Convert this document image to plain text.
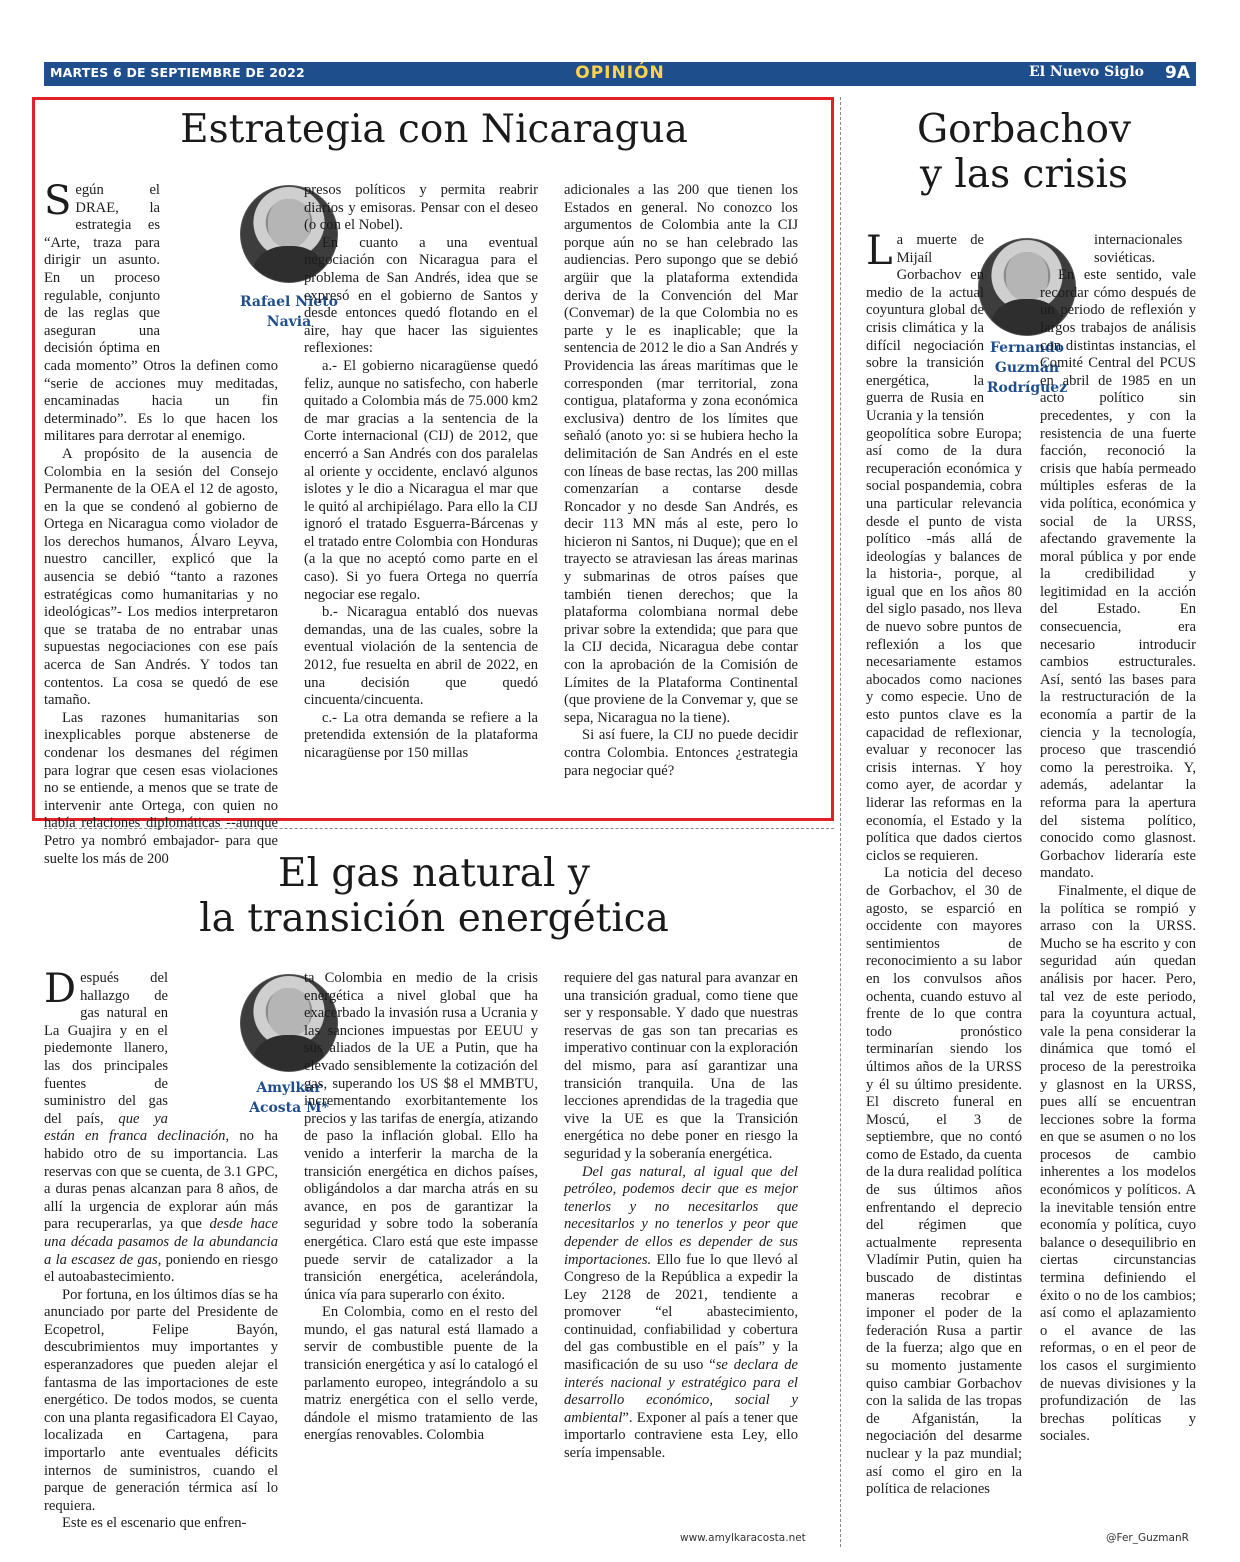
MARTES 6 DE SEPTIEMBRE DE 2022	OPINIÓN	El Nuevo Siglo 9A
Estrategia con Nicaragua
Rafael Nieto
Navia

Según el DRAE, la estrategia es “Arte, traza para dirigir un asunto. En un proceso regulable, conjunto de las reglas que aseguran una decisión óptima en cada momento” Otros la definen como “serie de acciones muy meditadas, encaminadas hacia un fin determinado”. Es lo que hacen los militares para derrotar al enemigo.

A propósito de la ausencia de Colombia en la sesión del Consejo Permanente de la OEA el 12 de agosto, en la que se condenó al gobierno de Ortega en Nicaragua como violador de los derechos humanos, Álvaro Leyva, nuestro canciller, explicó que la ausencia se debió “tanto a razones estratégicas como humanitarias y no ideológicas”- Los medios interpretaron que se trataba de no entrabar unas supuestas negociaciones con ese país acerca de San Andrés. Y todos tan contentos. La cosa se quedó de ese tamaño.

Las razones humanitarias son inexplicables porque abstenerse de condenar los desmanes del régimen para lograr que cesen esas violaciones no se entiende, a menos que se trate de intervenir ante Ortega, con quien no había relaciones diplomáticas --aunque Petro ya nombró embajador- para que suelte los más de 200

presos políticos y permita reabrir diarios y emisoras. Pensar con el deseo (o con el Nobel).

En cuanto a una eventual negociación con Nicaragua para el problema de San Andrés, idea que se expresó en el gobierno de Santos y desde entonces quedó flotando en el aire, hay que hacer las siguientes reflexiones:

a.- El gobierno nicaragüense quedó feliz, aunque no satisfecho, con haberle quitado a Colombia más de 75.000 km2 de mar gracias a la sentencia de la Corte internacional (CIJ) de 2012, que encerró a San Andrés con dos paralelas al oriente y occidente, enclavó algunos islotes y le dio a Nicaragua el mar que le quitó al archipiélago. Para ello la CIJ ignoró el tratado Esguerra-Bárcenas y el tratado entre Colombia con Honduras (a la que no aceptó como parte en el caso). Si yo fuera Ortega no querría negociar ese regalo.

b.- Nicaragua entabló dos nuevas demandas, una de las cuales, sobre la eventual violación de la sentencia de 2012, fue resuelta en abril de 2022, en una decisión que quedó cincuenta/cincuenta.

c.- La otra demanda se refiere a la pretendida extensión de la plataforma nicaragüense por 150 millas

adicionales a las 200 que tienen los Estados en general. No conozco los argumentos de Colombia ante la CIJ porque aún no se han celebrado las audiencias. Pero supongo que se debió argüir que la plataforma extendida deriva de la Convención del Mar (Convemar) de la que Colombia no es parte y le es inaplicable; que la sentencia de 2012 le dio a San Andrés y Providencia las áreas marítimas que le corresponden (mar territorial, zona contigua, plataforma y zona económica exclusiva) dentro de los límites que señaló (anoto yo: si se hubiera hecho la delimitación de San Andrés en el este con líneas de base rectas, las 200 millas comenzarían a contarse desde Roncador y no desde San Andrés, es decir 113 MN más al este, pero lo hicieron ni Santos, ni Duque); que en el trayecto se atraviesan las áreas marinas y submarinas de otros países que también tienen derechos; que la plataforma colombiana normal debe privar sobre la extendida; que para que la CIJ decida, Nicaragua debe contar con la aprobación de la Comisión de Límites de la Plataforma Continental (que proviene de la Convemar y, que se sepa, Nicaragua no la tiene).

Si así fuere, la CIJ no puede decidir contra Colombia. Entonces ¿estrategia para negociar qué?

Gorbachov
y las crisis
Fernando
Guzmán
Rodríguez

La muerte de Mijaíl Gorbachov en medio de la actual coyuntura global de crisis climática y la difícil negociación sobre la transición energética, la guerra de Rusia en Ucrania y la tensión geopolítica sobre Europa; así como de la dura recuperación económica y social pospandemia, cobra una particular relevancia desde el punto de vista político -más allá de ideologías y balances de la historia-, porque, al igual que en los años 80 del siglo pasado, nos lleva de nuevo sobre puntos de reflexión a los que necesariamente estamos abocados como naciones y como especie. Uno de esto puntos clave es la capacidad de reflexionar, evaluar y reconocer las crisis internas. Y hoy como ayer, de acordar y liderar las reformas en la economía, el Estado y la política que dados ciertos ciclos se requieren.

La noticia del deceso de Gorbachov, el 30 de agosto, se esparció en occidente con mayores sentimientos de reconocimiento a su labor en los convulsos años ochenta, cuando estuvo al frente de lo que contra todo pronóstico terminarían siendo los últimos años de la URSS y él su último presidente. El discreto funeral en Moscú, el 3 de septiembre, que no contó como de Estado, da cuenta de la dura realidad política de sus últimos años enfrentando el deprecio del régimen que actualmente representa Vladímir Putin, quien ha buscado de distintas maneras recobrar e imponer el poder de la federación Rusa a partir de la fuerza; algo que en su momento justamente quiso cambiar Gorbachov con la salida de las tropas de Afganistán, la negociación del desarme nuclear y la paz mundial; así como el giro en la política de relaciones

internacionales soviéticas.

En este sentido, vale recordar cómo después de un periodo de reflexión y largos trabajos de análisis con distintas instancias, el Comité Central del PCUS en abril de 1985 en un acto político sin precedentes, y con la resistencia de una fuerte facción, reconoció la crisis que había permeado múltiples esferas de la vida política, económica y social de la URSS, afectando gravemente la moral pública y por ende la credibilidad y legitimidad en la acción del Estado. En consecuencia, era necesario introducir cambios estructurales. Así, sentó las bases para la restructuración de la economía a partir de la ciencia y la tecnología, proceso que trascendió como la perestroika. Y, además, adelantar la reforma para la apertura del sistema político, conocido como glasnost. Gorbachov lideraría este mandato.

Finalmente, el dique de la política se rompió y arraso con la URSS. Mucho se ha escrito y con seguridad aún quedan análisis por hacer. Pero, tal vez de este periodo, para la coyuntura actual, vale la pena considerar la dinámica que tomó el proceso de la perestroika y glasnost en la URSS, pues allí se encuentran lecciones sobre la forma en que se asumen o no los procesos de cambio inherentes a los modelos económicos y políticos. A la inevitable tensión entre economía y política, cuyo balance o desequilibrio en ciertas circunstancias termina definiendo el éxito o no de los cambios; así como el aplazamiento o el avance de las reformas, o en el peor de los casos el surgimiento de nuevas divisiones y la profundización de las brechas políticas y sociales.

@Fer_GuzmanR
El gas natural y
la transición energética
Amylkar
Acosta M*

Después del hallazgo de gas natural en La Guajira y en el piedemonte llanero, las dos principales fuentes de suministro del gas del país, que ya están en franca declinación, no ha habido otro de su importancia. Las reservas con que se cuenta, de 3.1 GPC, a duras penas alcanzan para 8 años, de allí la urgencia de explorar aún más para recuperarlas, ya que desde hace una década pasamos de la abundancia a la escasez de gas, poniendo en riesgo el autoabastecimiento.

Por fortuna, en los últimos días se ha anunciado por parte del Presidente de Ecopetrol, Felipe Bayón, descubrimientos muy importantes y esperanzadores que pueden alejar el fantasma de las importaciones de este energético. De todos modos, se cuenta con una planta regasificadora El Cayao, localizada en Cartagena, para importarlo ante eventuales déficits internos de suministros, cuando el parque de generación térmica así lo requiera.

Este es el escenario que enfren-

ta Colombia en medio de la crisis energética a nivel global que ha exacerbado la invasión rusa a Ucrania y las sanciones impuestas por EEUU y sus aliados de la UE a Putin, que ha elevado sensiblemente la cotización del gas, superando los US $8 el MMBTU, incrementando exorbitantemente los precios y las tarifas de energía, atizando de paso la inflación global. Ello ha venido a interferir la marcha de la transición energética en dichos países, obligándolos a dar marcha atrás en su avance, en pos de garantizar la seguridad y sobre todo la soberanía energética. Claro está que este impasse puede servir de catalizador a la transición energética, acelerándola, única vía para superarlo con éxito.

En Colombia, como en el resto del mundo, el gas natural está llamado a servir de combustible puente de la transición energética y así lo catalogó el parlamento europeo, integrándolo a su matriz energética con el sello verde, dándole el mismo tratamiento de las energías renovables. Colombia

requiere del gas natural para avanzar en una transición gradual, como tiene que ser y responsable. Y dado que nuestras reservas de gas son tan precarias es imperativo continuar con la exploración del mismo, para así garantizar una transición tranquila. Una de las lecciones aprendidas de la tragedia que vive la UE es que la Transición energética no debe poner en riesgo la seguridad y la soberanía energética.

Del gas natural, al igual que del petróleo, podemos decir que es mejor tenerlos y no necesitarlos que necesitarlos y no tenerlos y peor que depender de ellos es depender de sus importaciones. Ello fue lo que llevó al Congreso de la República a expedir la Ley 2128 de 2021, tendiente a promover “el abastecimiento, continuidad, confiabilidad y cobertura del gas combustible en el país” y la masificación de su uso “se declara de interés nacional y estratégico para el desarrollo económico, social y ambiental”. Exponer al país a tener que importarlo contraviene esta Ley, ello sería impensable.

www.amylkaracosta.net
